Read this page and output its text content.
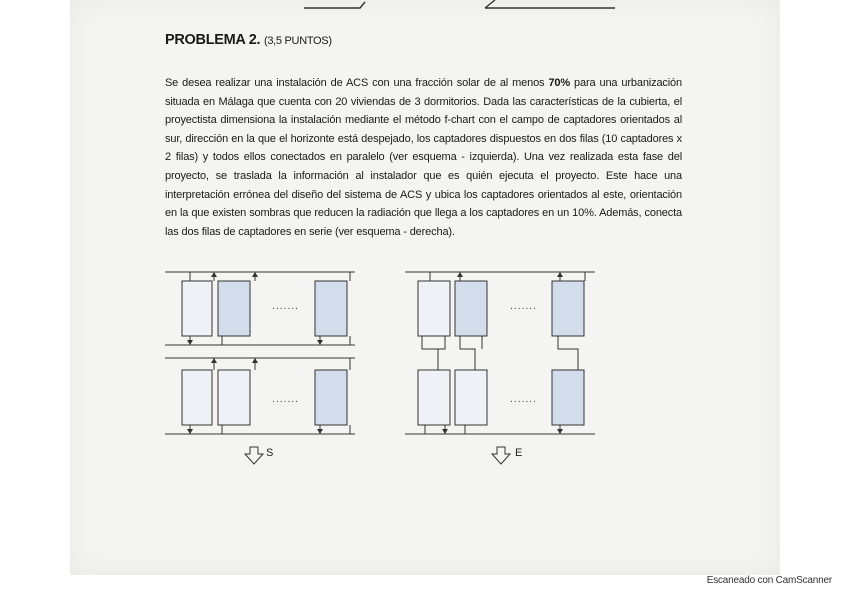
PROBLEMA 2. (3,5 PUNTOS)

Se desea realizar una instalación de ACS con una fracción solar de al menos 70% para una urbanización situada en Málaga que cuenta con 20 viviendas de 3 dormitorios. Dada las características de la cubierta, el proyectista dimensiona la instalación mediante el método f-chart con el campo de captadores orientados al sur, dirección en la que el horizonte está despejado, los captadores dispuestos en dos filas (10 captadores x 2 filas) y todos ellos conectados en paralelo (ver esquema - izquierda). Una vez realizada esta fase del proyecto, se traslada la información al instalador que es quién ejecuta el proyecto. Este hace una interpretación errónea del diseño del sistema de ACS y ubica los captadores orientados al este, orientación en la que existen sombras que reducen la radiación que llega a los captadores en un 10%. Además, conecta las dos filas de captadores en serie (ver esquema - derecha).

.......
.......
S
.......
.......
E
Escaneado con CamScanner
